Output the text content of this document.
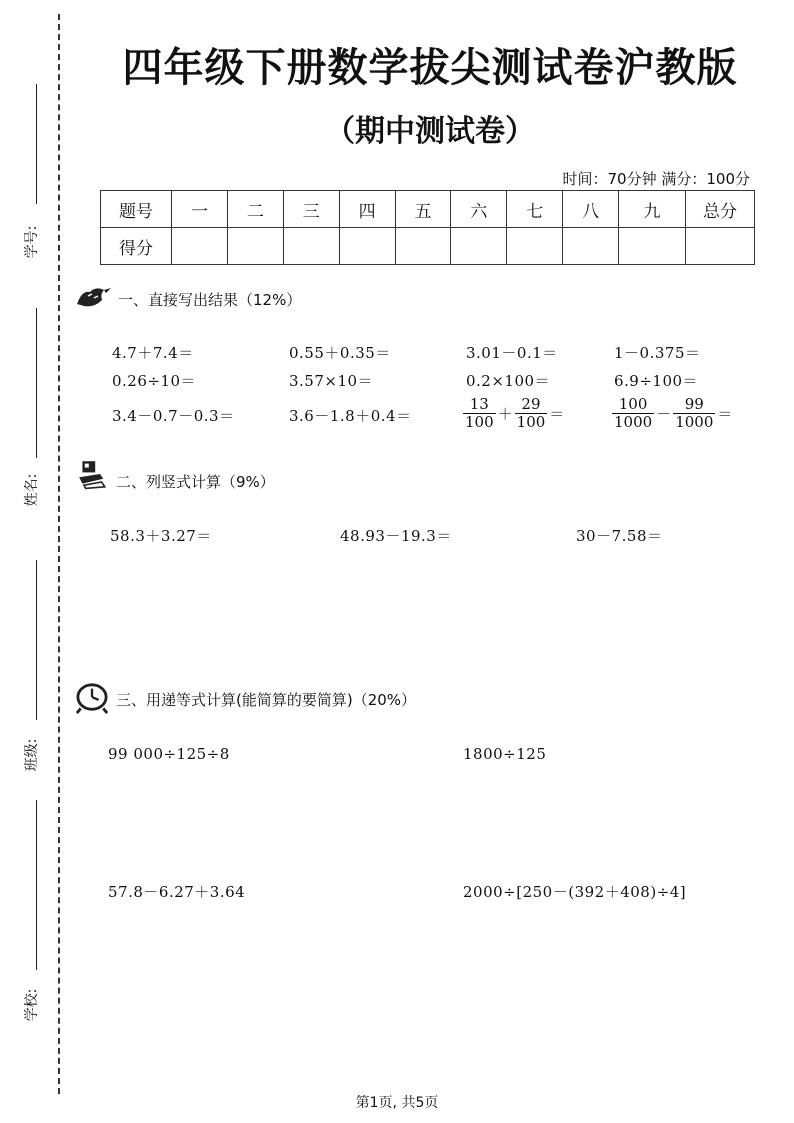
学号:
姓名:
班级:
学校:
四年级下册数学拔尖测试卷沪教版
（期中测试卷）
时间：70分钟 满分：100分
题号	一	二	三	四	五	六	七	八	九	总分
得分										
一、直接写出结果（12%）
4.7＋7.4＝	0.55＋0.35＝	3.01－0.1＝	1－0.375＝
0.26÷10＝	3.57×10＝	0.2×100＝	6.9÷100＝
3.4－0.7－0.3＝	3.6－1.8＋0.4＝	$\frac{13}{100} + \frac{29}{100}$ ＝	$\frac{100}{1000} - \frac{99}{1000}$ ＝
二、列竖式计算（9%）
58.3＋3.27＝	48.93－19.3＝	30－7.58＝
三、用递等式计算(能简算的要简算)（20%）
99 000÷125÷8	1800÷125
57.8－6.27＋3.64	2000÷[250－(392＋408)÷4]
第1页, 共5页
